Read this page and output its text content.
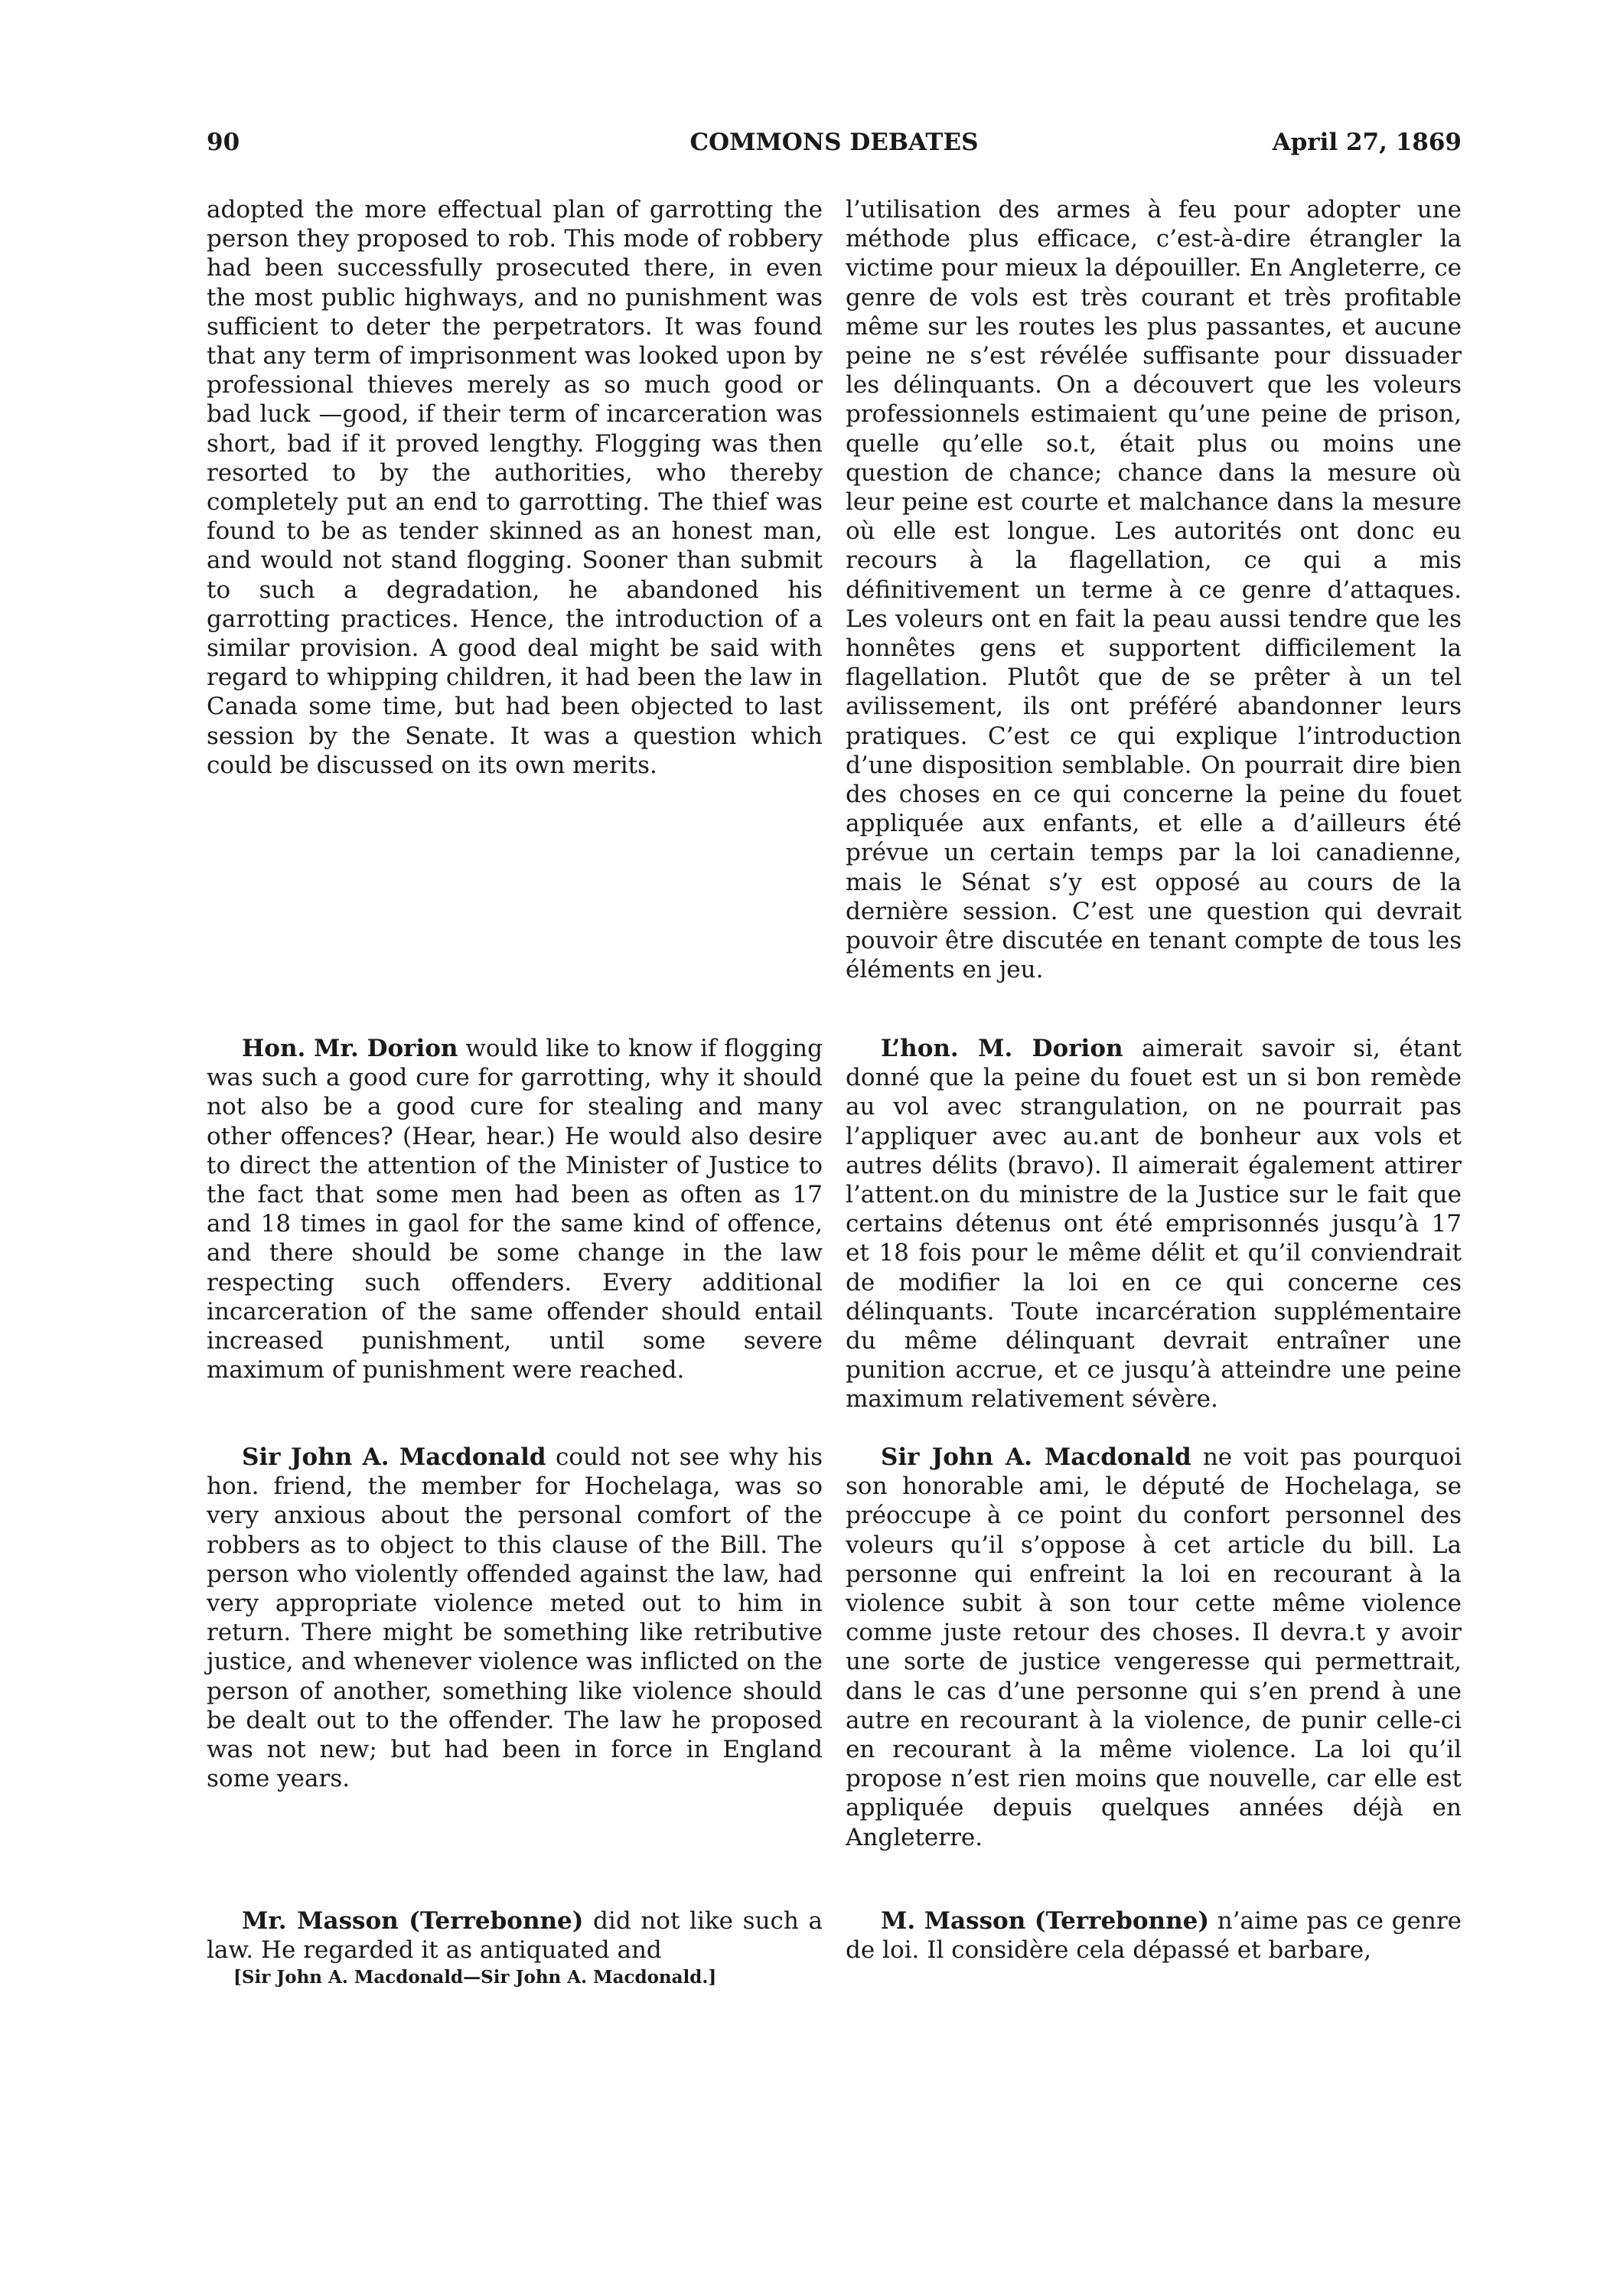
90	COMMONS DEBATES	April 27, 1869

adopted the more effectual plan of garrotting the person they proposed to rob. This mode of robbery had been successfully prosecuted there, in even the most public highways, and no punishment was sufficient to deter the perpetrators. It was found that any term of imprisonment was looked upon by professional thieves merely as so much good or bad luck —good, if their term of incarceration was short, bad if it proved lengthy. Flogging was then resorted to by the authorities, who thereby completely put an end to garrotting. The thief was found to be as tender skinned as an honest man, and would not stand flogging. Sooner than submit to such a degradation, he abandoned his garrotting practices. Hence, the introduction of a similar provision. A good deal might be said with regard to whipping children, it had been the law in Canada some time, but had been objected to last session by the Senate. It was a question which could be discussed on its own merits.

Hon. Mr. Dorion would like to know if flogging was such a good cure for garrotting, why it should not also be a good cure for stealing and many other offences? (Hear, hear.) He would also desire to direct the attention of the Minister of Justice to the fact that some men had been as often as 17 and 18 times in gaol for the same kind of offence, and there should be some change in the law respecting such offenders. Every additional incarceration of the same offender should entail increased punishment, until some severe maximum of punishment were reached.

Sir John A. Macdonald could not see why his hon. friend, the member for Hochelaga, was so very anxious about the personal comfort of the robbers as to object to this clause of the Bill. The person who violently offended against the law, had very appropriate violence meted out to him in return. There might be something like retributive justice, and whenever violence was inflicted on the person of another, something like violence should be dealt out to the offender. The law he proposed was not new; but had been in force in England some years.

Mr. Masson (Terrebonne) did not like such a law. He regarded it as antiquated and

[Sir John A. Macdonald—Sir John A. Macdonald.]

l’utilisation des armes à feu pour adopter une méthode plus efficace, c’est-à-dire étrangler la victime pour mieux la dépouiller. En Angleterre, ce genre de vols est très courant et très profitable même sur les routes les plus passantes, et aucune peine ne s’est révélée suffisante pour dissuader les délinquants. On a découvert que les voleurs professionnels estimaient qu’une peine de prison, quelle qu’elle so.t, était plus ou moins une question de chance; chance dans la mesure où leur peine est courte et malchance dans la mesure où elle est longue. Les autorités ont donc eu recours à la flagellation, ce qui a mis définitivement un terme à ce genre d’attaques. Les voleurs ont en fait la peau aussi tendre que les honnêtes gens et supportent difficilement la flagellation. Plutôt que de se prêter à un tel avilissement, ils ont préféré abandonner leurs pratiques. C’est ce qui explique l’introduction d’une disposition semblable. On pourrait dire bien des choses en ce qui concerne la peine du fouet appliquée aux enfants, et elle a d’ailleurs été prévue un certain temps par la loi canadienne, mais le Sénat s’y est opposé au cours de la dernière session. C’est une question qui devrait pouvoir être discutée en tenant compte de tous les éléments en jeu.

L’hon. M. Dorion aimerait savoir si, étant donné que la peine du fouet est un si bon remède au vol avec strangulation, on ne pourrait pas l’appliquer avec au.ant de bonheur aux vols et autres délits (bravo). Il aimerait également attirer l’attent.on du ministre de la Justice sur le fait que certains détenus ont été emprisonnés jusqu’à 17 et 18 fois pour le même délit et qu’il conviendrait de modifier la loi en ce qui concerne ces délinquants. Toute incarcération supplémentaire du même délinquant devrait entraîner une punition accrue, et ce jusqu’à atteindre une peine maximum relativement sévère.

Sir John A. Macdonald ne voit pas pourquoi son honorable ami, le député de Hochelaga, se préoccupe à ce point du confort personnel des voleurs qu’il s’oppose à cet article du bill. La personne qui enfreint la loi en recourant à la violence subit à son tour cette même violence comme juste retour des choses. Il devra.t y avoir une sorte de justice vengeresse qui permettrait, dans le cas d’une personne qui s’en prend à une autre en recourant à la violence, de punir celle-ci en recourant à la même violence. La loi qu’il propose n’est rien moins que nouvelle, car elle est appliquée depuis quelques années déjà en Angleterre.

M. Masson (Terrebonne) n’aime pas ce genre de loi. Il considère cela dépassé et barbare,
